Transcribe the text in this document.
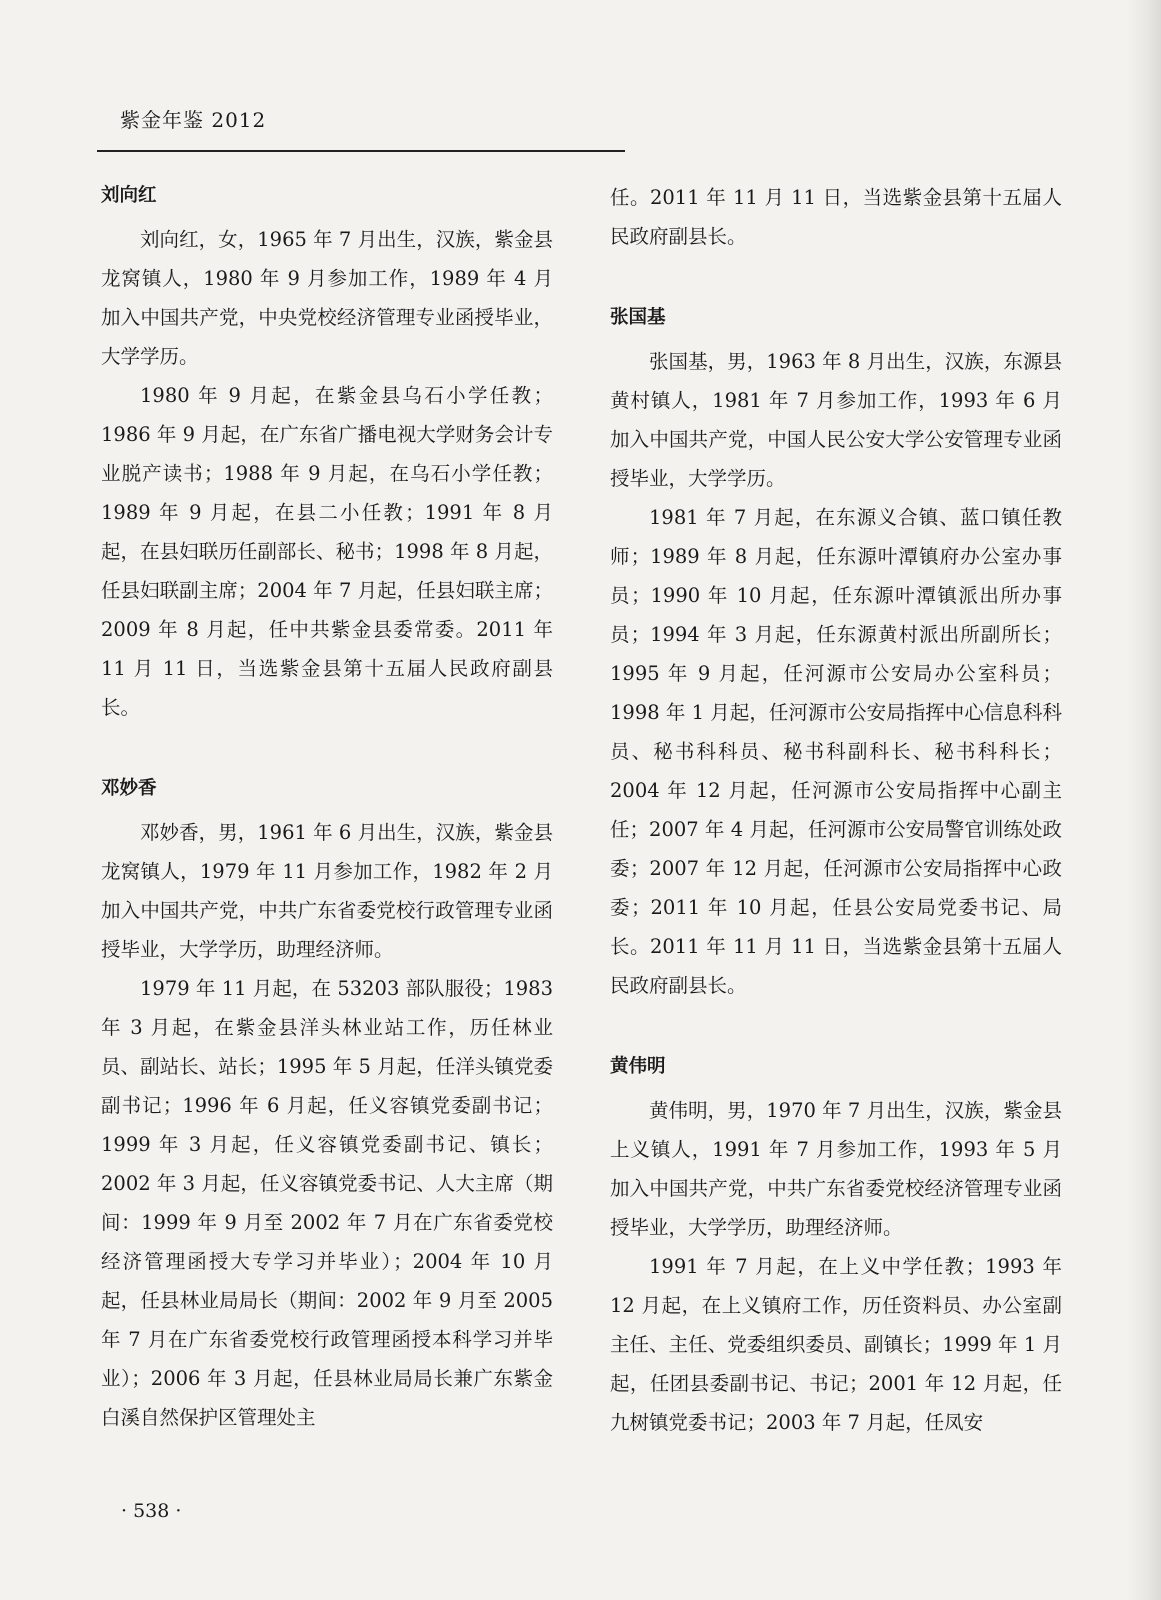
紫金年鉴 2012

刘向红

刘向红，女，1965 年 7 月出生，汉族，紫金县龙窝镇人，1980 年 9 月参加工作，1989 年 4 月加入中国共产党，中央党校经济管理专业函授毕业，大学学历。

1980 年 9 月起，在紫金县乌石小学任教；1986 年 9 月起，在广东省广播电视大学财务会计专业脱产读书；1988 年 9 月起，在乌石小学任教；1989 年 9 月起，在县二小任教；1991 年 8 月起，在县妇联历任副部长、秘书；1998 年 8 月起，任县妇联副主席；2004 年 7 月起，任县妇联主席；2009 年 8 月起，任中共紫金县委常委。2011 年 11 月 11 日，当选紫金县第十五届人民政府副县长。

邓妙香

邓妙香，男，1961 年 6 月出生，汉族，紫金县龙窝镇人，1979 年 11 月参加工作，1982 年 2 月加入中国共产党，中共广东省委党校行政管理专业函授毕业，大学学历，助理经济师。

1979 年 11 月起，在 53203 部队服役；1983 年 3 月起，在紫金县洋头林业站工作，历任林业员、副站长、站长；1995 年 5 月起，任洋头镇党委副书记；1996 年 6 月起，任义容镇党委副书记；1999 年 3 月起，任义容镇党委副书记、镇长；2002 年 3 月起，任义容镇党委书记、人大主席（期间：1999 年 9 月至 2002 年 7 月在广东省委党校经济管理函授大专学习并毕业）；2004 年 10 月起，任县林业局局长（期间：2002 年 9 月至 2005 年 7 月在广东省委党校行政管理函授本科学习并毕业）；2006 年 3 月起，任县林业局局长兼广东紫金白溪自然保护区管理处主

任。2011 年 11 月 11 日，当选紫金县第十五届人民政府副县长。

张国基

张国基，男，1963 年 8 月出生，汉族，东源县黄村镇人，1981 年 7 月参加工作，1993 年 6 月加入中国共产党，中国人民公安大学公安管理专业函授毕业，大学学历。

1981 年 7 月起，在东源义合镇、蓝口镇任教师；1989 年 8 月起，任东源叶潭镇府办公室办事员；1990 年 10 月起，任东源叶潭镇派出所办事员；1994 年 3 月起，任东源黄村派出所副所长；1995 年 9 月起，任河源市公安局办公室科员；1998 年 1 月起，任河源市公安局指挥中心信息科科员、秘书科科员、秘书科副科长、秘书科科长；2004 年 12 月起，任河源市公安局指挥中心副主任；2007 年 4 月起，任河源市公安局警官训练处政委；2007 年 12 月起，任河源市公安局指挥中心政委；2011 年 10 月起，任县公安局党委书记、局长。2011 年 11 月 11 日，当选紫金县第十五届人民政府副县长。

黄伟明

黄伟明，男，1970 年 7 月出生，汉族，紫金县上义镇人，1991 年 7 月参加工作，1993 年 5 月加入中国共产党，中共广东省委党校经济管理专业函授毕业，大学学历，助理经济师。

1991 年 7 月起，在上义中学任教；1993 年 12 月起，在上义镇府工作，历任资料员、办公室副主任、主任、党委组织委员、副镇长；1999 年 1 月起，任团县委副书记、书记；2001 年 12 月起，任九树镇党委书记；2003 年 7 月起，任凤安

· 538 ·
